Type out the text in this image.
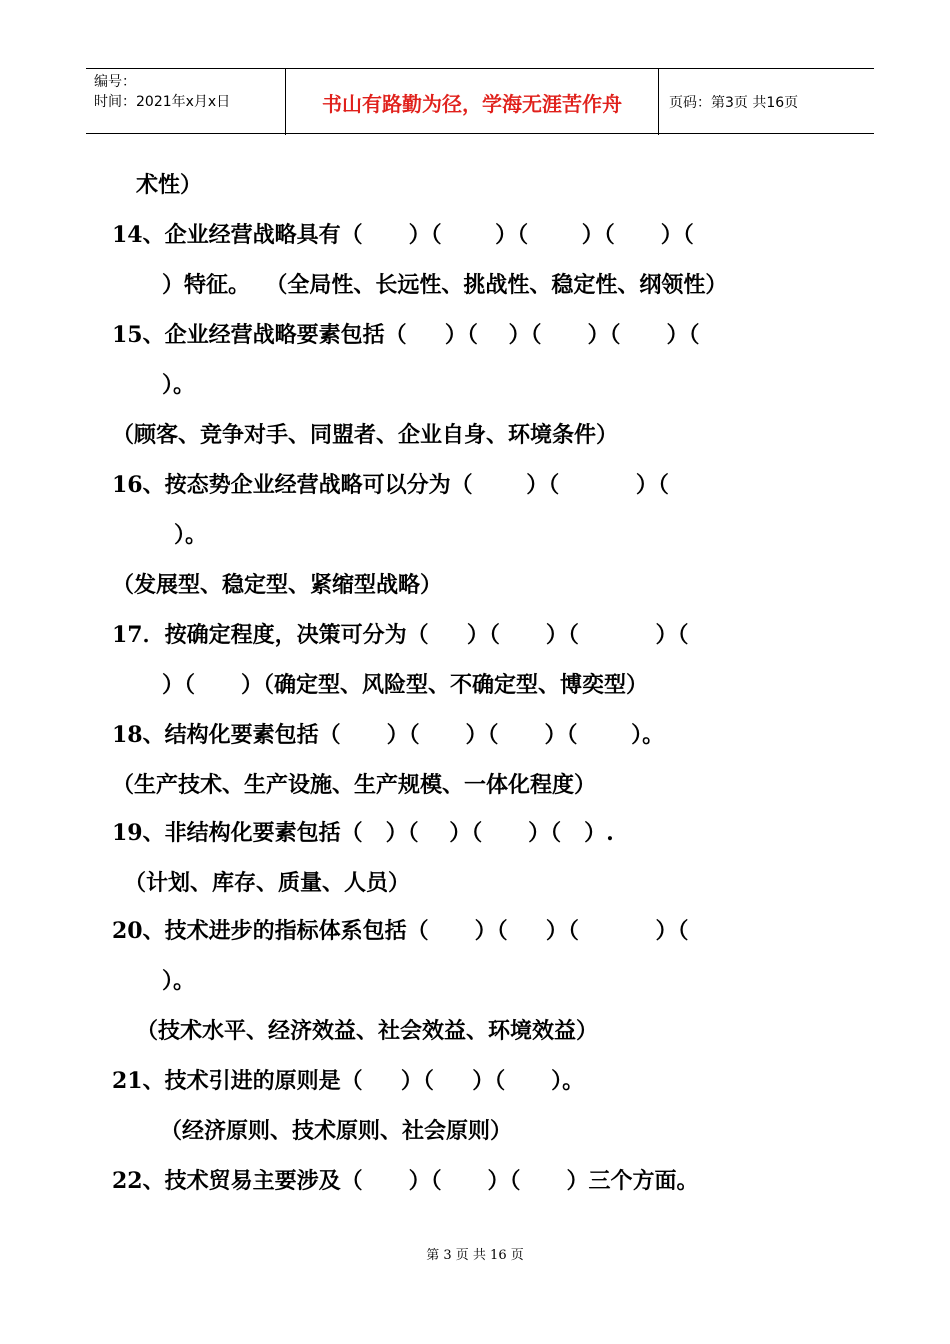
编号：
时间：2021年x月x日	书山有路勤为径，学海无涯苦作舟	页码：第3页 共16页
术性）
14、企业经营战略具有（      ）（       ）（       ）（      ）（
）特征。  （全局性、长远性、挑战性、稳定性、纲领性）
15、企业经营战略要素包括（     ）（    ）（      ）（      ）（
）。
（顾客、竞争对手、同盟者、企业自身、环境条件）
16、按态势企业经营战略可以分为（       ）（          ）（
）。
（发展型、稳定型、紧缩型战略）
17．按确定程度，决策可分为（     ）（      ）（          ）（
）（      ）（确定型、风险型、不确定型、博奕型）
18、结构化要素包括（      ）（      ）（      ）（       ）。
（生产技术、生产设施、生产规模、一体化程度）
19、非结构化要素包括（   ）（    ）（      ）（   ）.
（计划、库存、质量、人员）
20、技术进步的指标体系包括（      ）（     ）（          ）（
）。
（技术水平、经济效益、社会效益、环境效益）
21、技术引进的原则是（     ）（     ）（      ）。
（经济原则、技术原则、社会原则）
22、技术贸易主要涉及（      ）（      ）（      ）三个方面。
第 3 页 共 16 页
